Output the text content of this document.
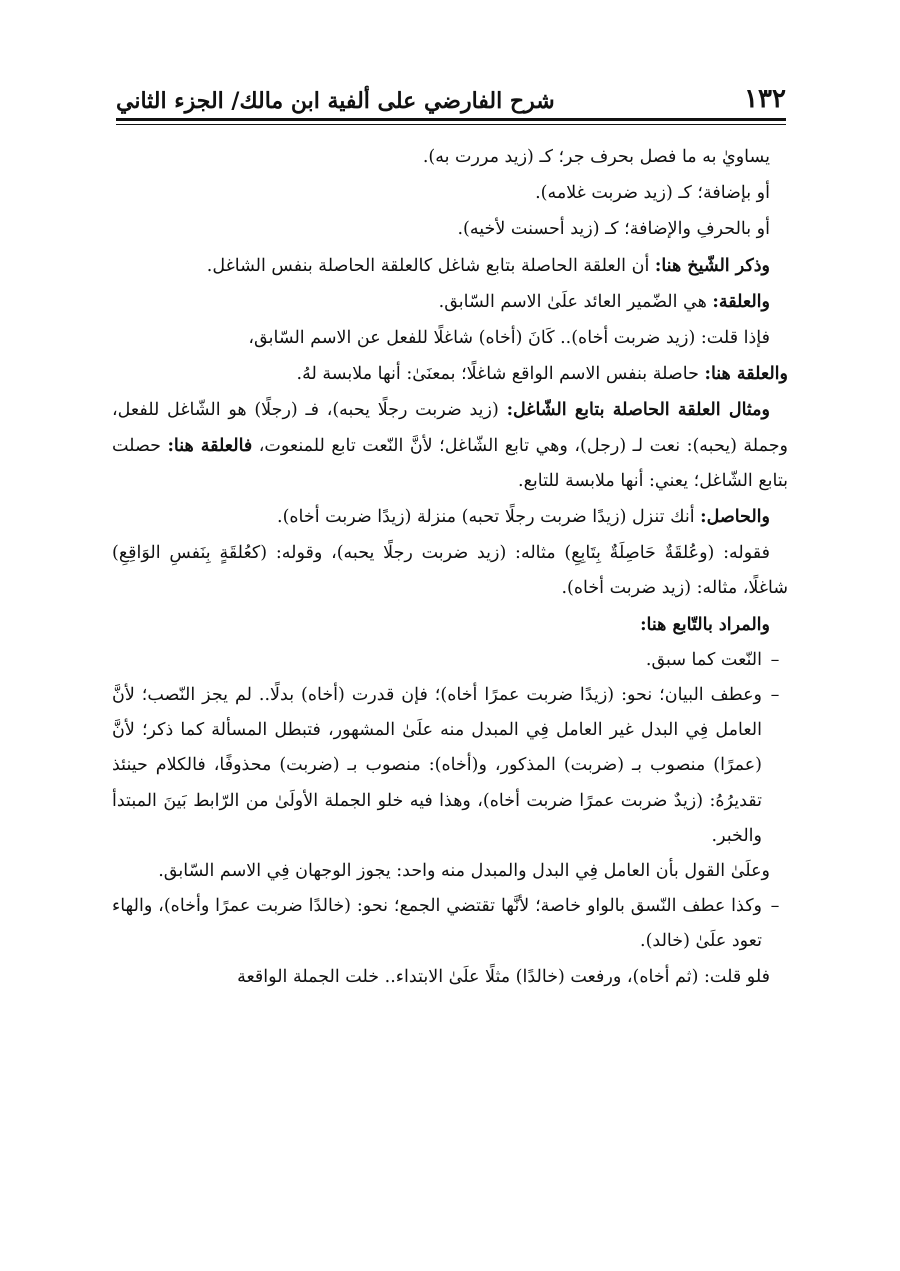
١٣٢
شرح الفارضي على ألفية ابن مالك/ الجزء الثاني

يساويٰ به ما فصل بحرف جر؛ كـ (زيد مررت به).

أو بإضافة؛ كـ (زيد ضربت غلامه).

أو بالحرفِ والإضافة؛ كـ (زيد أحسنت لأخيه).

وذكر الشّيخ هنا: أن العلقة الحاصلة بتابع شاغل كالعلقة الحاصلة بنفس الشاغل.

والعلقة: هي الضّمير العائد علَىٰ الاسم السّابق.

فإذا قلت: (زيد ضربت أخاه).. كَانَ (أخاه) شاغلًا للفعل عن الاسم السّابق،

والعلقة هنا: حاصلة بنفس الاسم الواقع شاغلًا؛ بمعنَىٰ: أنها ملابسة لهُ.

ومثال العلقة الحاصلة بتابع الشّاغل: (زيد ضربت رجلًا يحبه)، فـ (رجلًا) هو الشّاغل للفعل، وجملة (يحبه): نعت لـ (رجل)، وهي تابع الشّاغل؛ لأنَّ النّعت تابع للمنعوت، فالعلقة هنا: حصلت بتابع الشّاغل؛ يعني: أنها ملابسة للتابع.

والحاصل: أنك تنزل (زيدًا ضربت رجلًا تحبه) منزلة (زيدًا ضربت أخاه).

فقوله: (وعُلقَةٌ حَاصِلَةٌ بِتَابِعِ) مثاله: (زيد ضربت رجلًا يحبه)، وقوله: (كعُلقَةٍ بِنَفسِ الوَاقِعِ) شاغلًا، مثاله: (زيد ضربت أخاه).

والمراد بالتّابع هنا:

–
النّعت كما سبق.
–
وعطف البيان؛ نحو: (زيدًا ضربت عمرًا أخاه)؛ فإن قدرت (أخاه) بدلًا.. لم يجز النّصب؛ لأنَّ العامل فِي البدل غير العامل فِي المبدل منه علَىٰ المشهور، فتبطل المسألة كما ذكر؛ لأنَّ (عمرًا) منصوب بـ (ضربت) المذكور، و(أخاه): منصوب بـ (ضربت) محذوفًا، فالكلام حينئذ تقديرُهُ: (زيدٌ ضربت عمرًا ضربت أخاه)، وهذا فيه خلو الجملة الأولَىٰ من الرّابط بَينَ المبتدأ والخبر.

وعلَىٰ القول بأن العامل فِي البدل والمبدل منه واحد: يجوز الوجهان فِي الاسم السّابق.

–
وكذا عطف النّسق بالواو خاصة؛ لأنَّها تقتضي الجمع؛ نحو: (خالدًا ضربت عمرًا وأخاه)، والهاء تعود علَىٰ (خالد).

فلو قلت: (ثم أخاه)، ورفعت (خالدًا) مثلًا علَىٰ الابتداء.. خلت الجملة الواقعة
